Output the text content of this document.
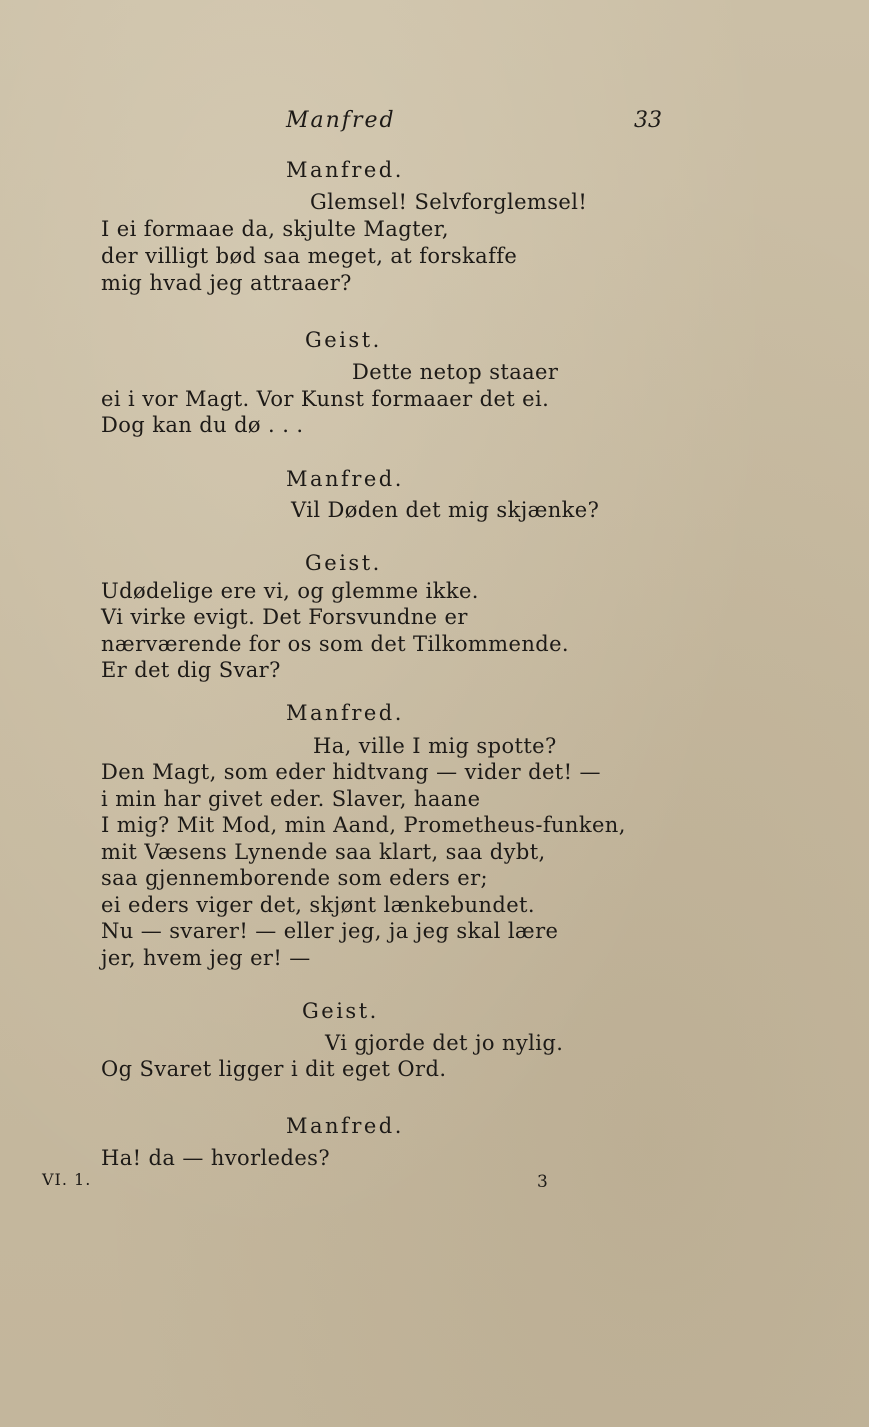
Manfred	33
Manfred.
Glemsel! Selvforglemsel!
I ei formaae da, skjulte Magter,
der villigt bød saa meget, at forskaffe
mig hvad jeg attraaer?
Geist.
Dette netop staaer
ei i vor Magt. Vor Kunst formaaer det ei.
Dog kan du dø . . .
Manfred.
Vil Døden det mig skjænke?
Geist.
Udødelige ere vi, og glemme ikke.
Vi virke evigt. Det Forsvundne er
nærværende for os som det Tilkommende.
Er det dig Svar?
Manfred.
Ha, ville I mig spotte?
Den Magt, som eder hidtvang — vider det! —
i min har givet eder. Slaver, haane
I mig? Mit Mod, min Aand, Prometheus-funken,
mit Væsens Lynende saa klart, saa dybt,
saa gjennemborende som eders er;
ei eders viger det, skjønt lænkebundet.
Nu — svarer! — eller jeg, ja jeg skal lære
jer, hvem jeg er! —
Geist.
Vi gjorde det jo nylig.
Og Svaret ligger i dit eget Ord.
Manfred.
Ha! da — hvorledes?
VI. 1.	3
